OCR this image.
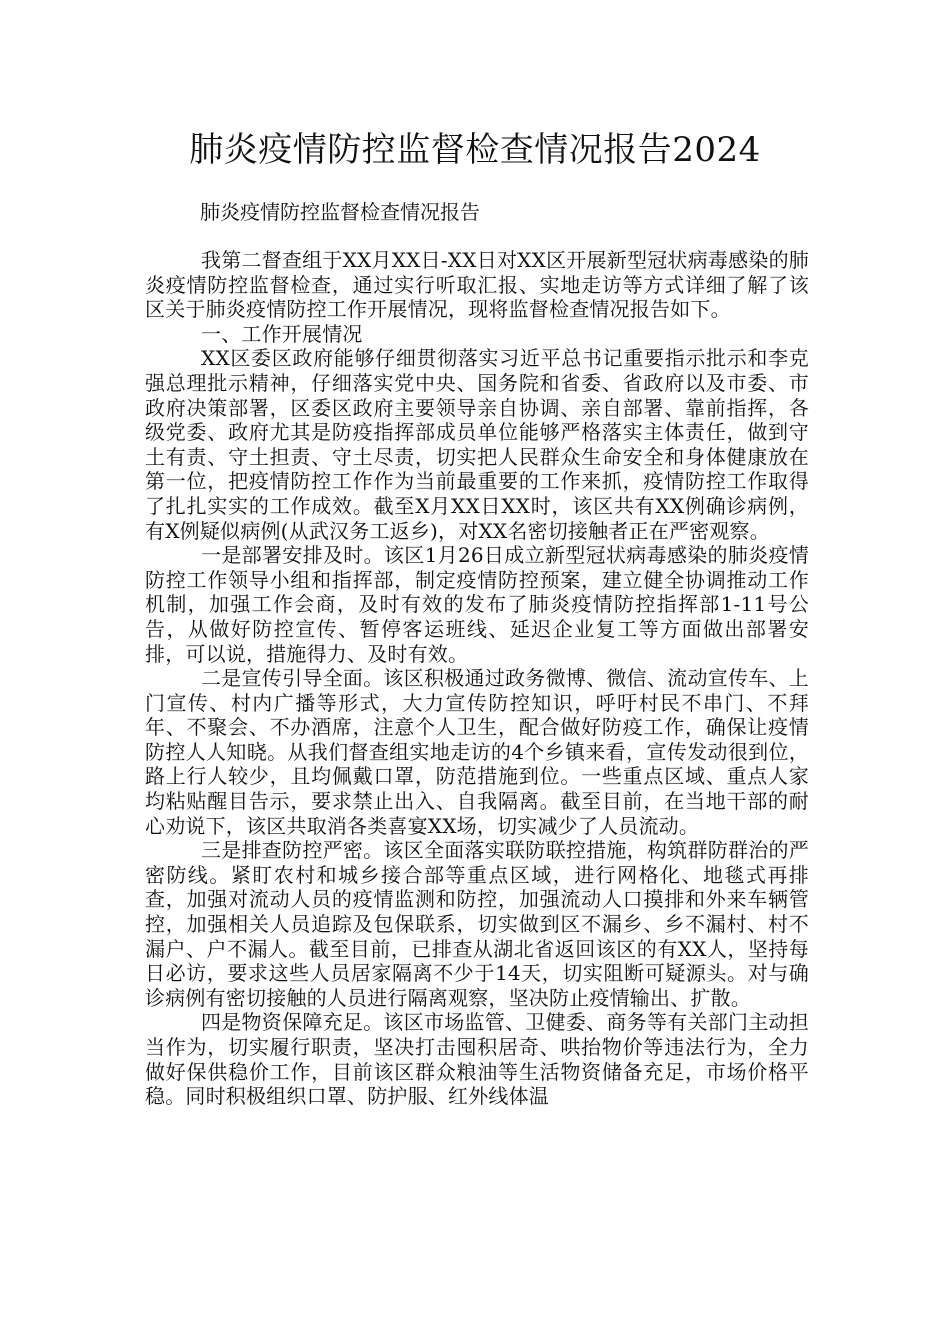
肺炎疫情防控监督检查情况报告2024
肺炎疫情防控监督检查情况报告

我第二督查组于XX月XX日-XX日对XX区开展新型冠状病毒感染的肺炎疫情防控监督检查，通过实行听取汇报、实地走访等方式详细了解了该区关于肺炎疫情防控工作开展情况，现将监督检查情况报告如下。

一、工作开展情况

XX区委区政府能够仔细贯彻落实习近平总书记重要指示批示和李克强总理批示精神，仔细落实党中央、国务院和省委、省政府以及市委、市政府决策部署，区委区政府主要领导亲自协调、亲自部署、靠前指挥，各级党委、政府尤其是防疫指挥部成员单位能够严格落实主体责任，做到守土有责、守土担责、守土尽责，切实把人民群众生命安全和身体健康放在第一位，把疫情防控工作作为当前最重要的工作来抓，疫情防控工作取得了扎扎实实的工作成效。截至X月XX日XX时，该区共有XX例确诊病例，有X例疑似病例(从武汉务工返乡)，对XX名密切接触者正在严密观察。

一是部署安排及时。该区1月26日成立新型冠状病毒感染的肺炎疫情防控工作领导小组和指挥部，制定疫情防控预案，建立健全协调推动工作机制，加强工作会商，及时有效的发布了肺炎疫情防控指挥部1-11号公告，从做好防控宣传、暂停客运班线、延迟企业复工等方面做出部署安排，可以说，措施得力、及时有效。

二是宣传引导全面。该区积极通过政务微博、微信、流动宣传车、上门宣传、村内广播等形式，大力宣传防控知识，呼吁村民不串门、不拜年、不聚会、不办酒席，注意个人卫生，配合做好防疫工作，确保让疫情防控人人知晓。从我们督查组实地走访的4个乡镇来看，宣传发动很到位，路上行人较少，且均佩戴口罩，防范措施到位。一些重点区域、重点人家均粘贴醒目告示，要求禁止出入、自我隔离。截至目前，在当地干部的耐心劝说下，该区共取消各类喜宴XX场，切实减少了人员流动。

三是排查防控严密。该区全面落实联防联控措施，构筑群防群治的严密防线。紧盯农村和城乡接合部等重点区域，进行网格化、地毯式再排查，加强对流动人员的疫情监测和防控，加强流动人口摸排和外来车辆管控，加强相关人员追踪及包保联系，切实做到区不漏乡、乡不漏村、村不漏户、户不漏人。截至目前，已排查从湖北省返回该区的有XX人，坚持每日必访，要求这些人员居家隔离不少于14天，切实阻断可疑源头。对与确诊病例有密切接触的人员进行隔离观察，坚决防止疫情输出、扩散。

四是物资保障充足。该区市场监管、卫健委、商务等有关部门主动担当作为，切实履行职责，坚决打击囤积居奇、哄抬物价等违法行为，全力做好保供稳价工作，目前该区群众粮油等生活物资储备充足，市场价格平稳。同时积极组织口罩、防护服、红外线体温
